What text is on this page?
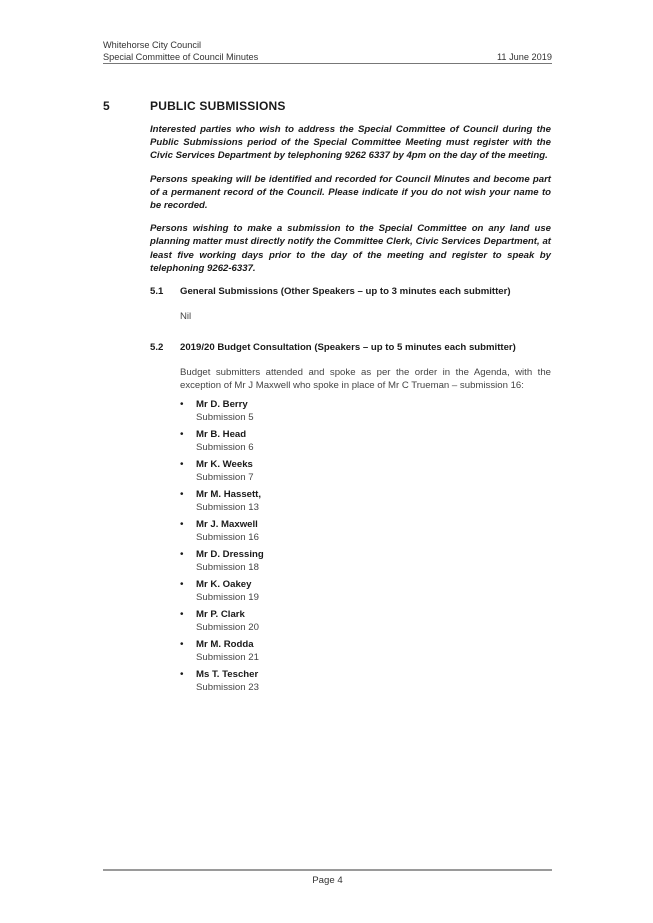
Whitehorse City Council
Special Committee of Council Minutes	11 June 2019
5	PUBLIC SUBMISSIONS

Interested parties who wish to address the Special Committee of Council during the Public Submissions period of the Special Committee Meeting must register with the Civic Services Department by telephoning 9262 6337 by 4pm on the day of the meeting.

Persons speaking will be identified and recorded for Council Minutes and become part of a permanent record of the Council. Please indicate if you do not wish your name to be recorded.

Persons wishing to make a submission to the Special Committee on any land use planning matter must directly notify the Committee Clerk, Civic Services Department, at least five working days prior to the day of the meeting and register to speak by telephoning 9262-6337.

5.1	General Submissions (Other Speakers – up to 3 minutes each submitter)

Nil

5.2	2019/20 Budget Consultation (Speakers – up to 5 minutes each submitter)

Budget submitters attended and spoke as per the order in the Agenda, with the exception of Mr J Maxwell who spoke in place of Mr C Trueman – submission 16:

• Mr D. Berry
Submission 5
• Mr B. Head
Submission 6
• Mr K. Weeks
Submission 7
• Mr M. Hassett,
Submission 13
• Mr J. Maxwell
Submission 16
• Mr D. Dressing
Submission 18
• Mr K. Oakey
Submission 19
• Mr P. Clark
Submission 20
• Mr M. Rodda
Submission 21
• Ms T. Tescher
Submission 23
Page 4
